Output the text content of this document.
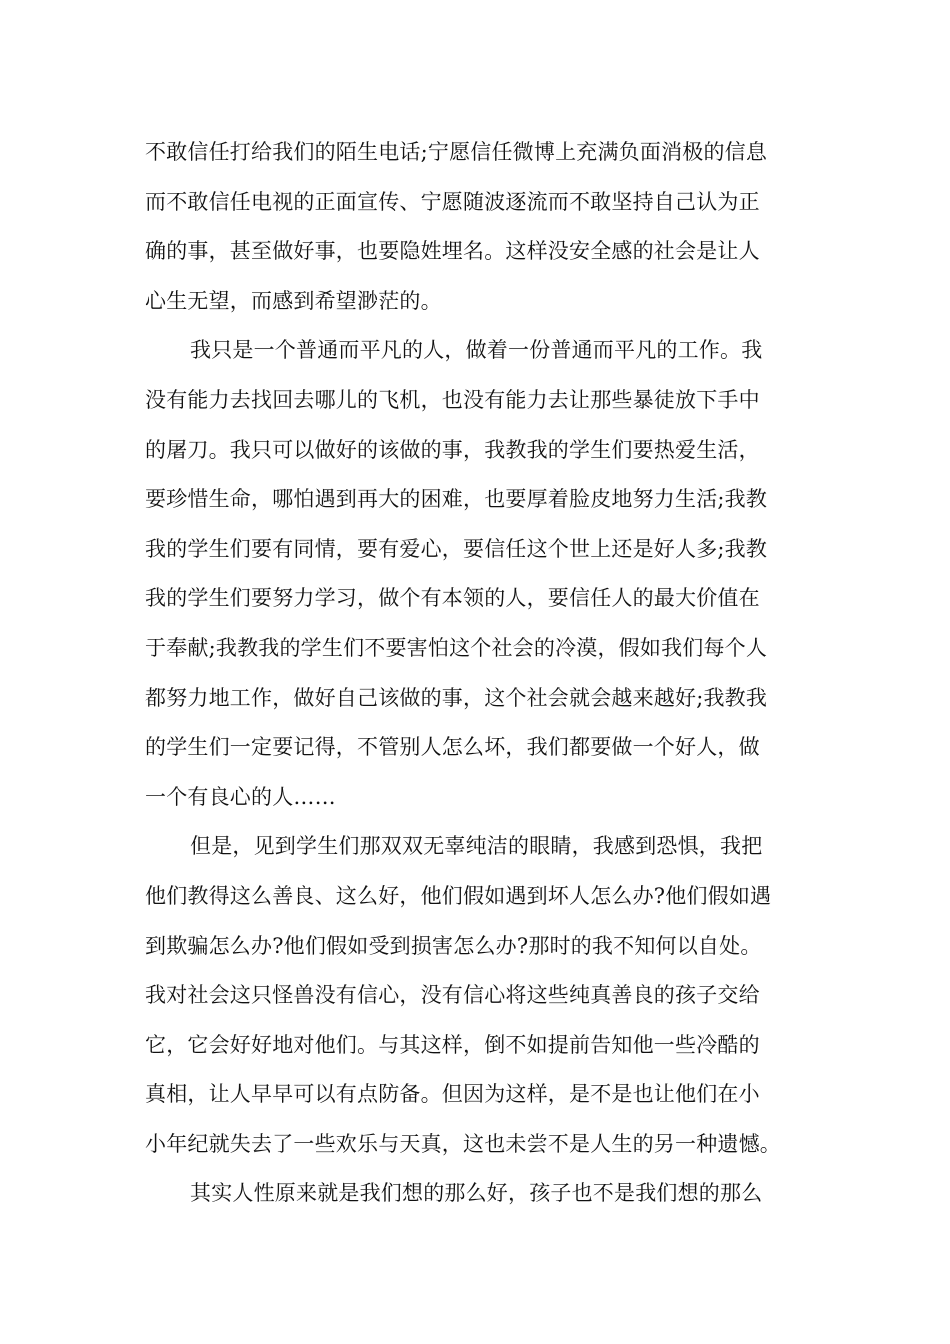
不敢信任打给我们的陌生电话;宁愿信任微博上充满负面消极的信息
而不敢信任电视的正面宣传、宁愿随波逐流而不敢坚持自己认为正
确的事，甚至做好事，也要隐姓埋名。这样没安全感的社会是让人
心生无望，而感到希望渺茫的。
我只是一个普通而平凡的人，做着一份普通而平凡的工作。我
没有能力去找回去哪儿的飞机，也没有能力去让那些暴徒放下手中
的屠刀。我只可以做好的该做的事，我教我的学生们要热爱生活，
要珍惜生命，哪怕遇到再大的困难，也要厚着脸皮地努力生活;我教
我的学生们要有同情，要有爱心，要信任这个世上还是好人多;我教
我的学生们要努力学习，做个有本领的人，要信任人的最大价值在
于奉献;我教我的学生们不要害怕这个社会的冷漠，假如我们每个人
都努力地工作，做好自己该做的事，这个社会就会越来越好;我教我
的学生们一定要记得，不管别人怎么坏，我们都要做一个好人，做
一个有良心的人……
但是，见到学生们那双双无辜纯洁的眼睛，我感到恐惧，我把
他们教得这么善良、这么好，他们假如遇到坏人怎么办?他们假如遇
到欺骗怎么办?他们假如受到损害怎么办?那时的我不知何以自处。
我对社会这只怪兽没有信心，没有信心将这些纯真善良的孩子交给
它，它会好好地对他们。与其这样，倒不如提前告知他一些冷酷的
真相，让人早早可以有点防备。但因为这样，是不是也让他们在小
小年纪就失去了一些欢乐与天真，这也未尝不是人生的另一种遗憾。
其实人性原来就是我们想的那么好，孩子也不是我们想的那么
